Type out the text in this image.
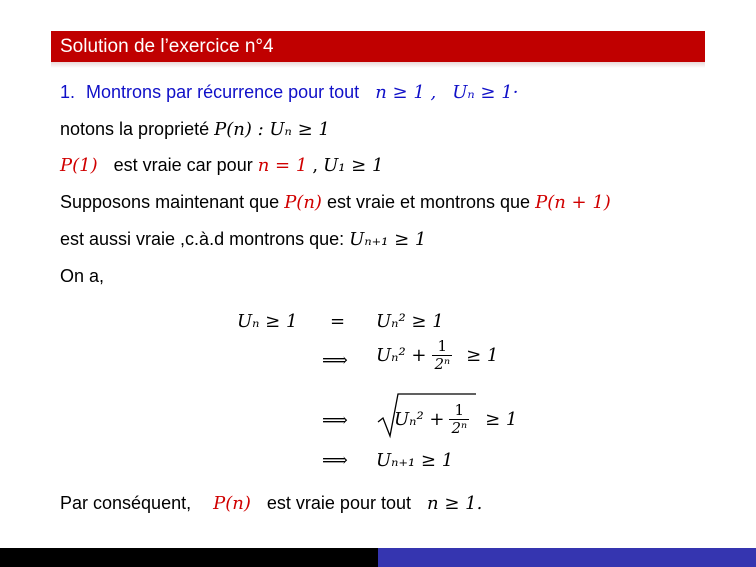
Solution de l’exercice n°4
1. Montrons par récurrence pour tout n ≥ 1 , Uₙ ≥ 1·
notons la proprieté P(n) : Uₙ ≥ 1
P(1) est vraie car pour n = 1 , U₁ ≥ 1
Supposons maintenant que P(n) est vraie et montrons que P(n + 1)
est aussi vraie ,c.à.d montrons que: Uₙ₊₁ ≥ 1
On a,
Uₙ ≥ 1 = Uₙ² ≥ 1
⟹ $U_n^2 + \frac{1}{\text{2ⁿ}} \ge 1$
⟹	$U_n^2 + \frac{1}{\text{2ⁿ}} \ge 1$
⟹ Uₙ₊₁ ≥ 1
Par conséquent, P(n) est vraie pour tout n ≥ 1.
